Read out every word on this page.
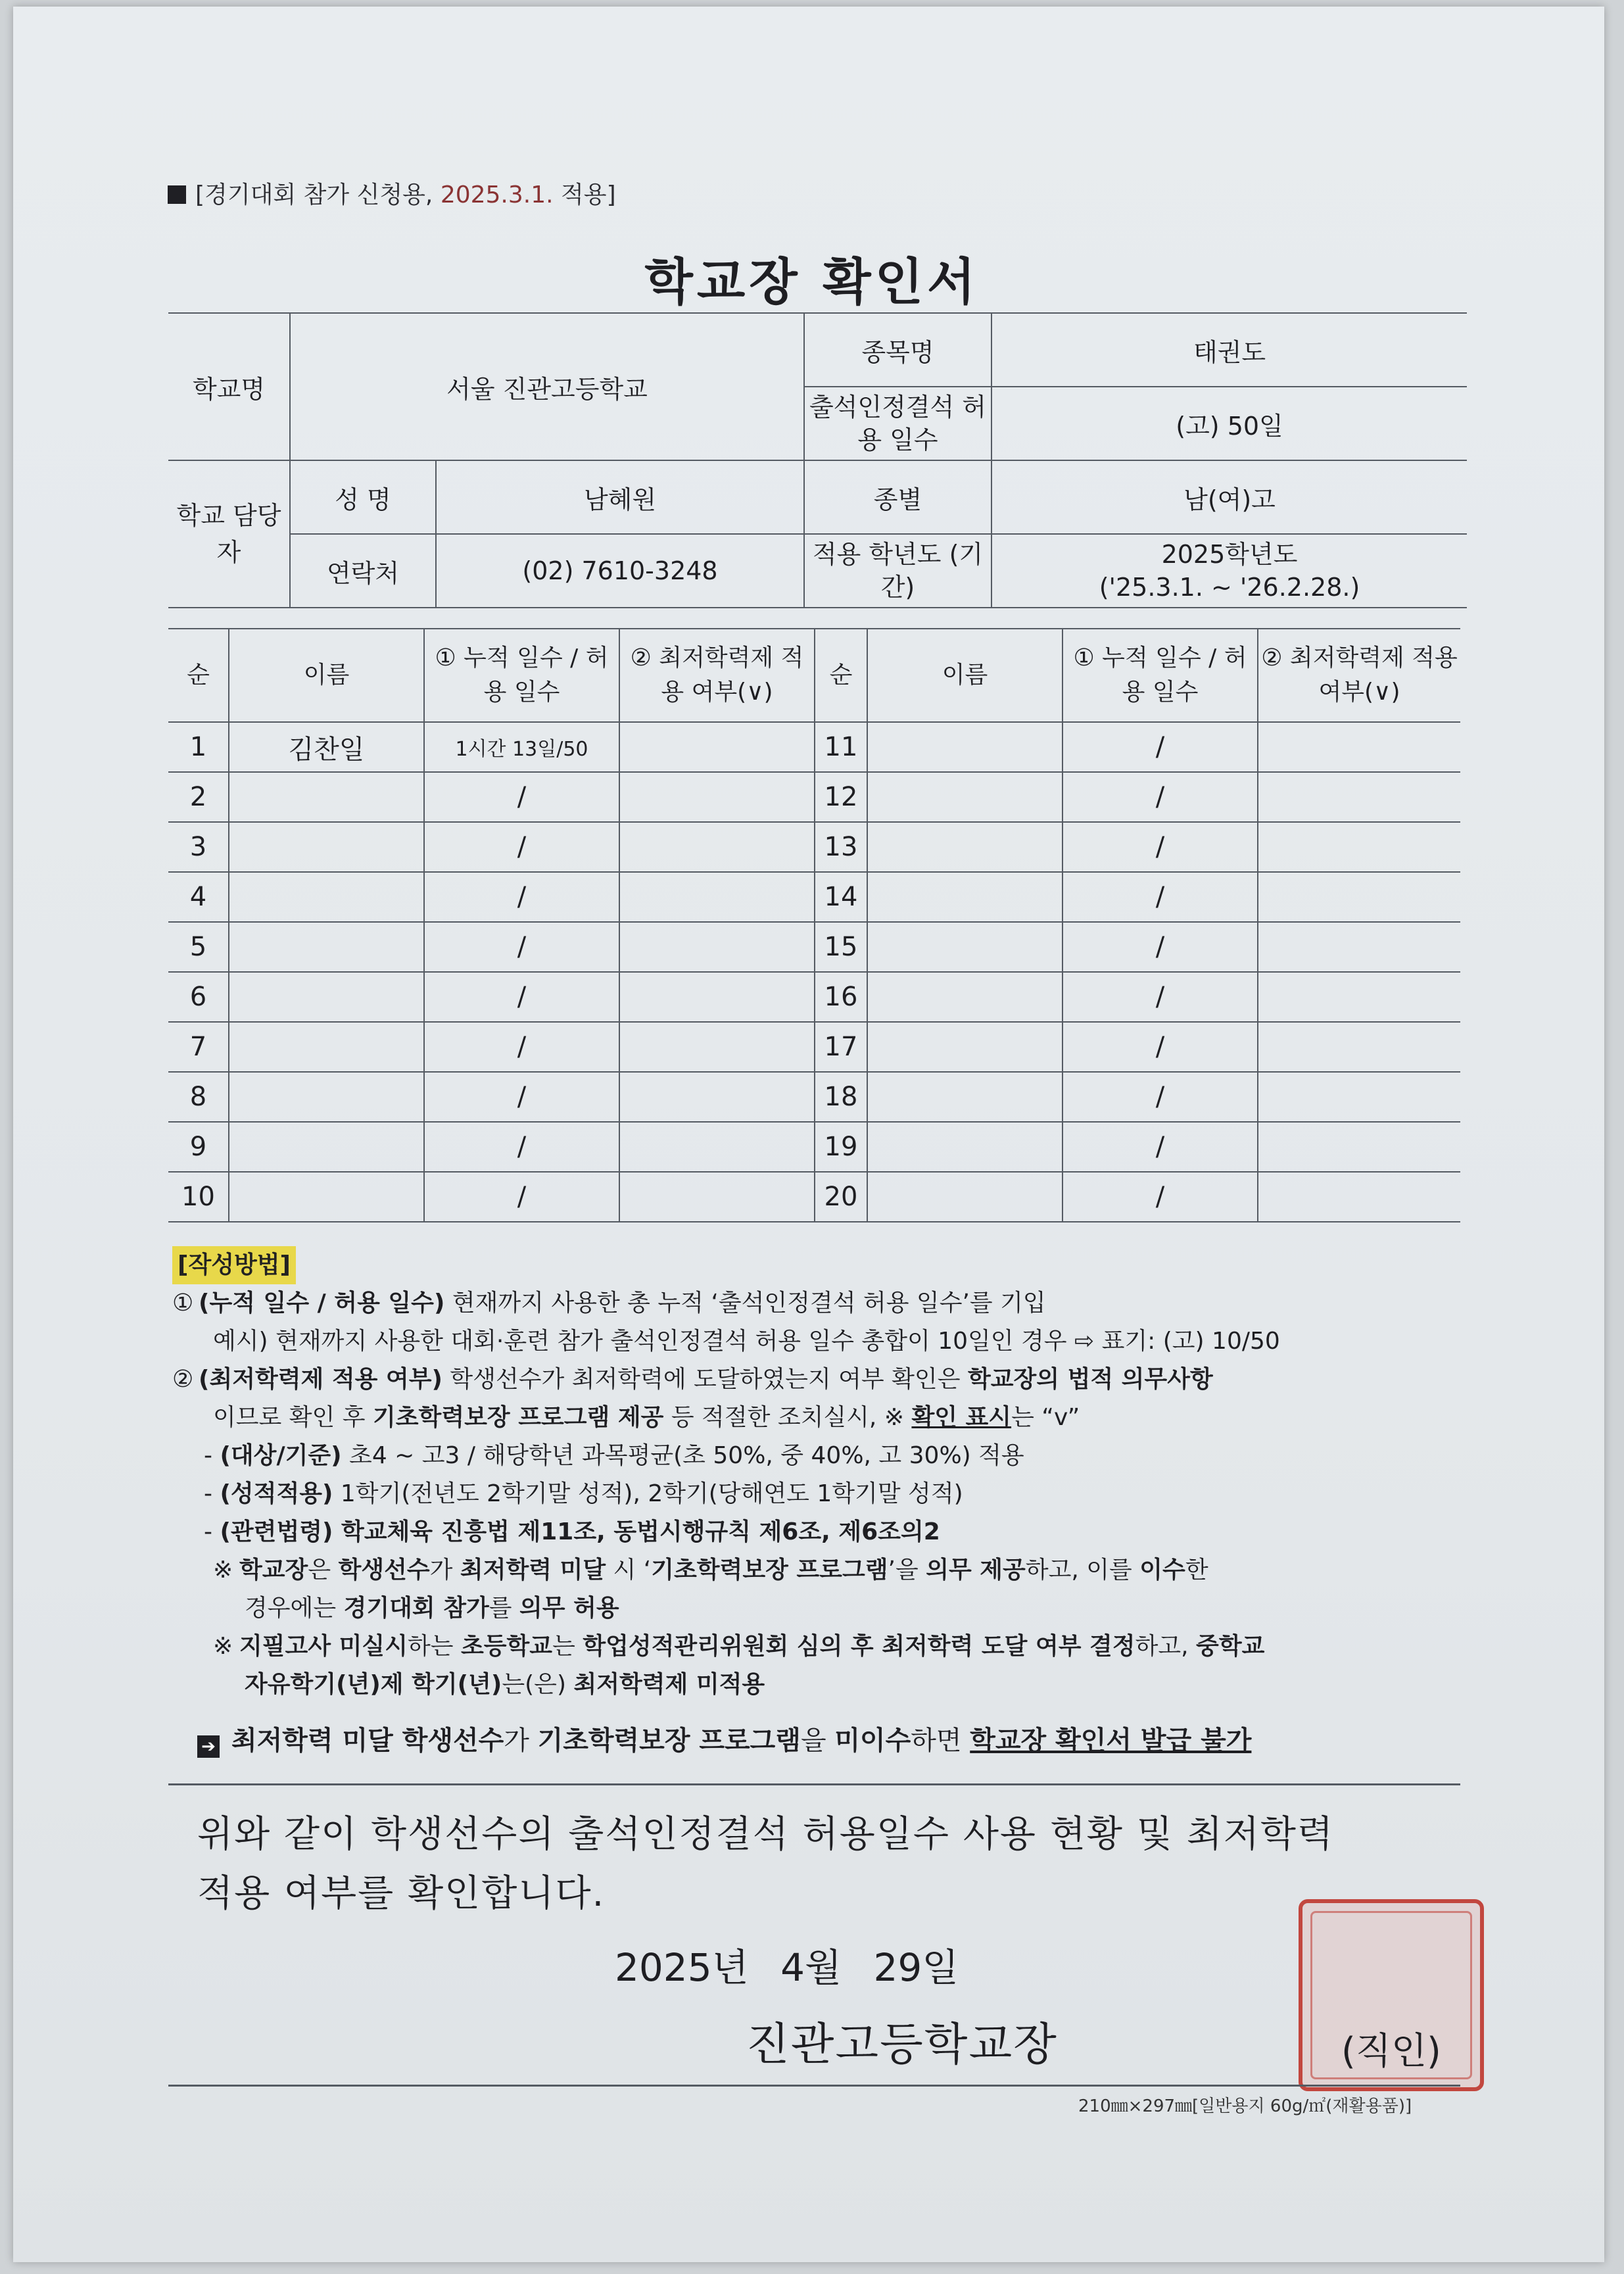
[경기대회 참가 신청용, 2025.3.1. 적용]
학교장 확인서
학교명	서울 진관고등학교		종목명	태권도
			출석인정결석 허용 일수	(고) 50일
학교 담당자	성 명	남혜원	종별	남(여)고
	연락처	(02) 7610-3248	적용 학년도 (기간)	2025학년도
('25.3.1. ~ '26.2.28.)
순	이름	① 누적 일수 / 허용 일수	② 최저학력제 적용 여부(∨)	순	이름	① 누적 일수 / 허용 일수	② 최저학력제 적용 여부(∨)
1	김찬일	1시간 13일/50		11		/	
2		/		12		/	
3		/		13		/	
4		/		14		/	
5		/		15		/	
6		/		16		/	
7		/		17		/	
8		/		18		/	
9		/		19		/	
10		/		20		/	
[작성방법]
① (누적 일수 / 허용 일수) 현재까지 사용한 총 누적 ‘출석인정결석 허용 일수’를 기입
예시) 현재까지 사용한 대회·훈련 참가 출석인정결석 허용 일수 총합이 10일인 경우 ⇨ 표기: (고) 10/50
② (최저학력제 적용 여부) 학생선수가 최저학력에 도달하였는지 여부 확인은 학교장의 법적 의무사항
이므로 확인 후 기초학력보장 프로그램 제공 등 적절한 조치실시, ※ 확인 표시는 “v”
- (대상/기준) 초4 ~ 고3 / 해당학년 과목평균(초 50%, 중 40%, 고 30%) 적용
- (성적적용) 1학기(전년도 2학기말 성적), 2학기(당해연도 1학기말 성적)
- (관련법령) 학교체육 진흥법 제11조, 동법시행규칙 제6조, 제6조의2
※ 학교장은 학생선수가 최저학력 미달 시 ‘기초학력보장 프로그램’을 의무 제공하고, 이를 이수한
경우에는 경기대회 참가를 의무 허용
※ 지필고사 미실시하는 초등학교는 학업성적관리위원회 심의 후 최저학력 도달 여부 결정하고, 중학교
자유학기(년)제 학기(년)는(은) 최저학력제 미적용
➔ 최저학력 미달 학생선수가 기초학력보장 프로그램을 미이수하면 학교장 확인서 발급 불가
위와 같이 학생선수의 출석인정결석 허용일수 사용 현황 및 최저학력
적용 여부를 확인합니다.
2025년 4월 29일
진관고등학교장	(직인)
210㎜×297㎜[일반용지 60g/㎡(재활용품)]
